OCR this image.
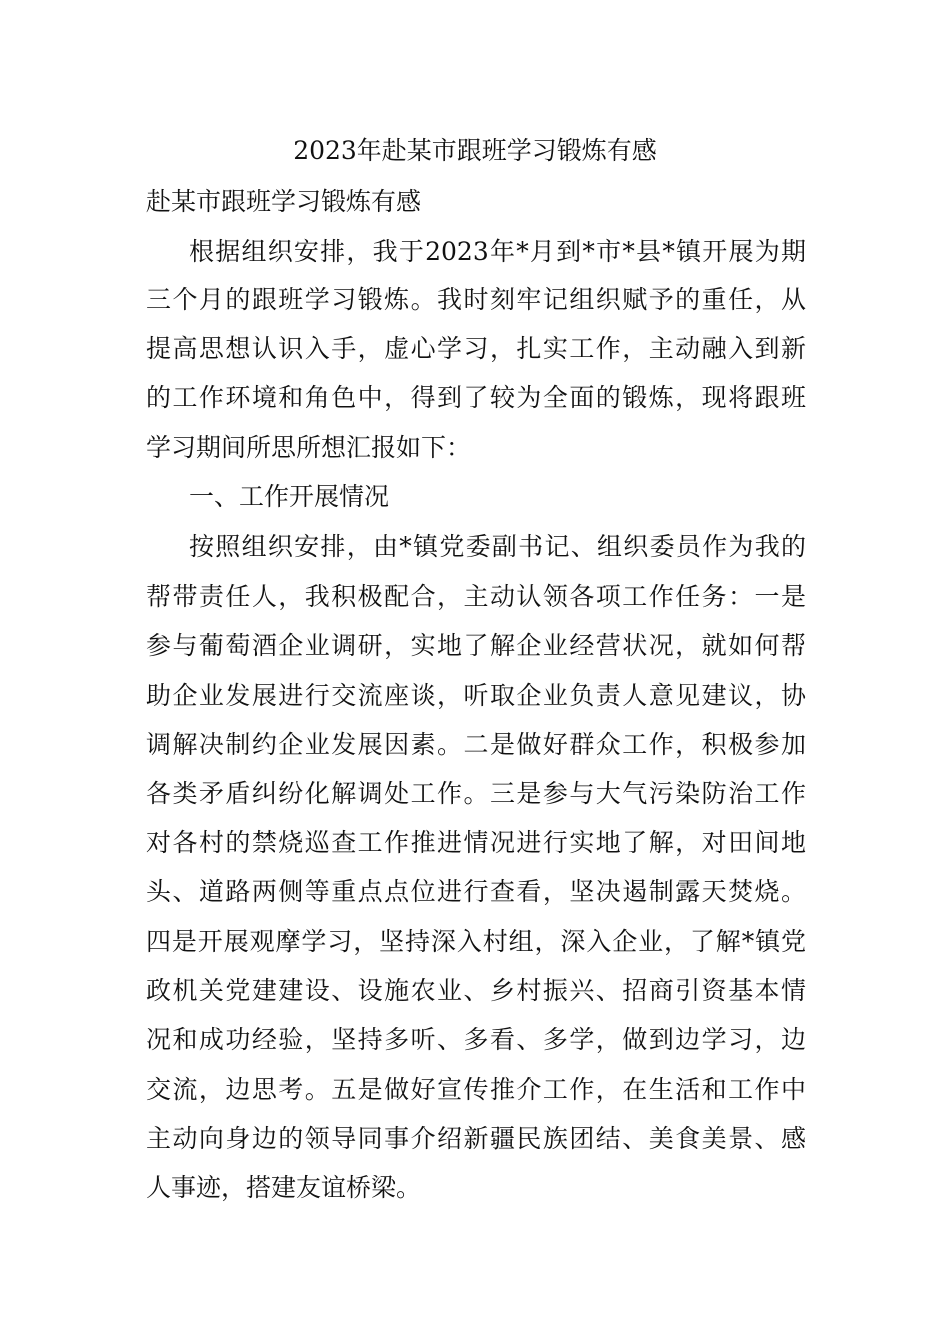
2023年赴某市跟班学习锻炼有感
赴某市跟班学习锻炼有感
根据组织安排，我于2023年*月到*市*县*镇开展为期
三个月的跟班学习锻炼。我时刻牢记组织赋予的重任，从
提高思想认识入手，虚心学习，扎实工作，主动融入到新
的工作环境和角色中，得到了较为全面的锻炼，现将跟班
学习期间所思所想汇报如下：
一、工作开展情况
按照组织安排，由*镇党委副书记、组织委员作为我的
帮带责任人，我积极配合，主动认领各项工作任务：一是
参与葡萄酒企业调研，实地了解企业经营状况，就如何帮
助企业发展进行交流座谈，听取企业负责人意见建议，协
调解决制约企业发展因素。二是做好群众工作，积极参加
各类矛盾纠纷化解调处工作。三是参与大气污染防治工作
对各村的禁烧巡查工作推进情况进行实地了解，对田间地
头、道路两侧等重点点位进行查看，坚决遏制露天焚烧。
四是开展观摩学习，坚持深入村组，深入企业，了解*镇党
政机关党建建设、设施农业、乡村振兴、招商引资基本情
况和成功经验，坚持多听、多看、多学，做到边学习，边
交流，边思考。五是做好宣传推介工作，在生活和工作中
主动向身边的领导同事介绍新疆民族团结、美食美景、感
人事迹，搭建友谊桥梁。
